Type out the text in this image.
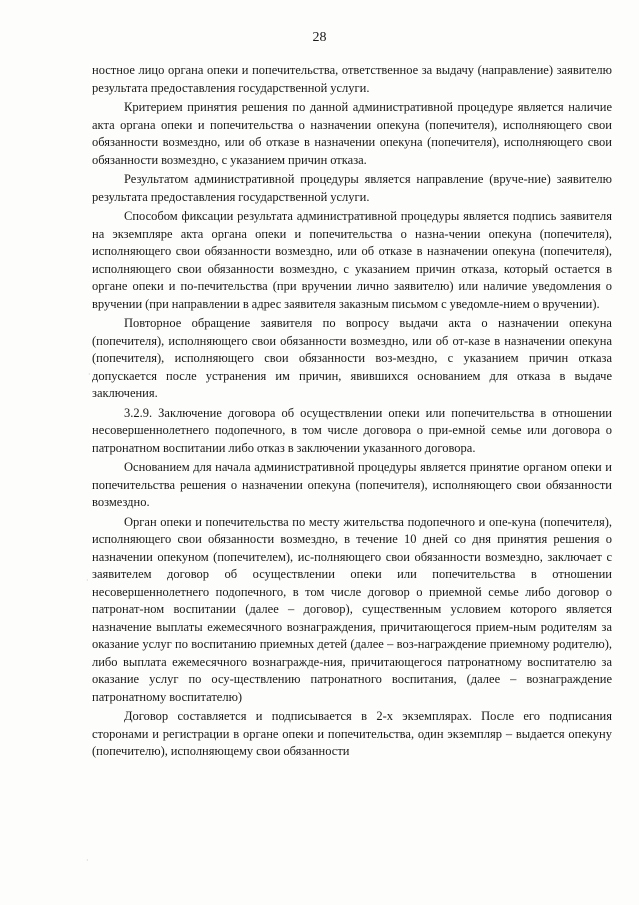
28

ностное лицо органа опеки и попечительства, ответственное за выдачу (направление) заявителю результата предоставления государственной услуги.

Критерием принятия решения по данной административной процедуре является наличие акта органа опеки и попечительства о назначении опекуна (попечителя), исполняющего свои обязанности возмездно, или об отказе в назначении опекуна (попечителя), исполняющего свои обязанности возмездно, с указанием причин отказа.

Результатом административной процедуры является направление (вруче-ние) заявителю результата предоставления государственной услуги.

Способом фиксации результата административной процедуры является подпись заявителя на экземпляре акта органа опеки и попечительства о назна-чении опекуна (попечителя), исполняющего свои обязанности возмездно, или об отказе в назначении опекуна (попечителя), исполняющего свои обязанности возмездно, с указанием причин отказа, который остается в органе опеки и по-печительства (при вручении лично заявителю) или наличие уведомления о вручении (при направлении в адрес заявителя заказным письмом с уведомле-нием о вручении).

Повторное обращение заявителя по вопросу выдачи акта о назначении опекуна (попечителя), исполняющего свои обязанности возмездно, или об от-казе в назначении опекуна (попечителя), исполняющего свои обязанности воз-мездно, с указанием причин отказа допускается после устранения им причин, явившихся основанием для отказа в выдаче заключения.

3.2.9. Заключение договора об осуществлении опеки или попечительства в отношении несовершеннолетнего подопечного, в том числе договора о при-емной семье или договора о патронатном воспитании либо отказ в заключении указанного договора.

Основанием для начала административной процедуры является принятие органом опеки и попечительства решения о назначении опекуна (попечителя), исполняющего свои обязанности возмездно.

Орган опеки и попечительства по месту жительства подопечного и опе-куна (попечителя), исполняющего свои обязанности возмездно, в течение 10 дней со дня принятия решения о назначении опекуном (попечителем), ис-полняющего свои обязанности возмездно, заключает с заявителем договор об осуществлении опеки или попечительства в отношении несовершеннолетнего подопечного, в том числе договор о приемной семье либо договор о патронат-ном воспитании (далее – договор), существенным условием которого является назначение выплаты ежемесячного вознаграждения, причитающегося прием-ным родителям за оказание услуг по воспитанию приемных детей (далее – воз-награждение приемному родителю), либо выплата ежемесячного вознагражде-ния, причитающегося патронатному воспитателю за оказание услуг по осу-ществлению патронатного воспитания, (далее – вознаграждение патронатному воспитателю)

Договор составляется и подписывается в 2-х экземплярах. После его подписания сторонами и регистрации в органе опеки и попечительства, один экземпляр – выдается опекуну (попечителю), исполняющему свои обязанности

·
·
·
